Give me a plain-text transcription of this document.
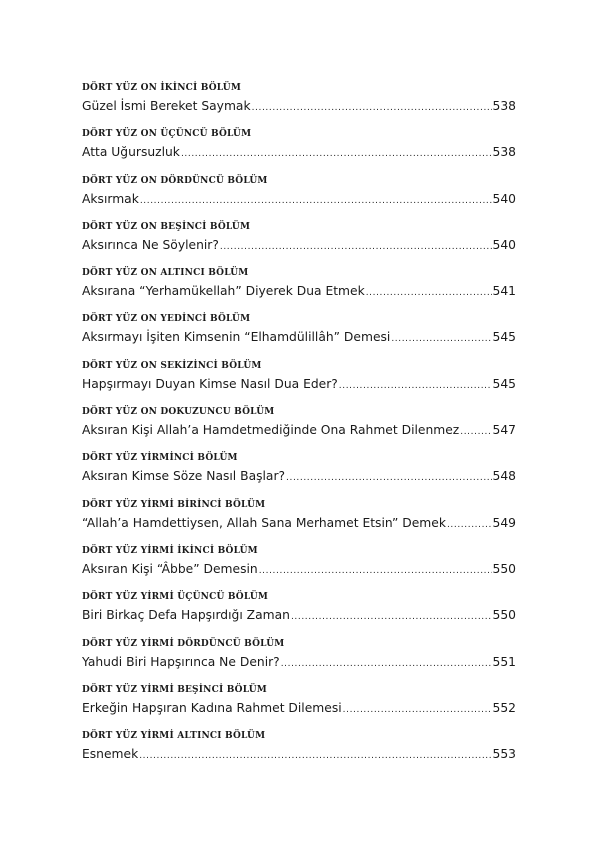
DÖRT YÜZ ON İKİNCİ BÖLÜM
Güzel İsmi Bereket Saymak .....	538
DÖRT YÜZ ON ÜÇÜNCÜ BÖLÜM
Atta Uğursuzluk .....	538
DÖRT YÜZ ON DÖRDÜNCÜ BÖLÜM
Aksırmak .....	540
DÖRT YÜZ ON BEŞİNCİ BÖLÜM
Aksırınca Ne Söylenir? .....	540
DÖRT YÜZ ON ALTINCI BÖLÜM
Aksırana “Yerhamükellah” Diyerek Dua Etmek .....	541
DÖRT YÜZ ON YEDİNCİ BÖLÜM
Aksırmayı İşiten Kimsenin “Elhamdülillâh” Demesi .....	545
DÖRT YÜZ ON SEKİZİNCİ BÖLÜM
Hapşırmayı Duyan Kimse Nasıl Dua Eder? .....	545
DÖRT YÜZ ON DOKUZUNCU BÖLÜM
Aksıran Kişi Allah’a Hamdetmediğinde Ona Rahmet Dilenmez .....	547
DÖRT YÜZ YİRMİNCİ BÖLÜM
Aksıran Kimse Söze Nasıl Başlar? .....	548
DÖRT YÜZ YİRMİ BİRİNCİ BÖLÜM
“Allah’a Hamdettiysen, Allah Sana Merhamet Etsin” Demek .....	549
DÖRT YÜZ YİRMİ İKİNCİ BÖLÜM
Aksıran Kişi “Âbbe” Demesin .....	550
DÖRT YÜZ YİRMİ ÜÇÜNCÜ BÖLÜM
Biri Birkaç Defa Hapşırdığı Zaman .....	550
DÖRT YÜZ YİRMİ DÖRDÜNCÜ BÖLÜM
Yahudi Biri Hapşırınca Ne Denir? .....	551
DÖRT YÜZ YİRMİ BEŞİNCİ BÖLÜM
Erkeğin Hapşıran Kadına Rahmet Dilemesi .....	552
DÖRT YÜZ YİRMİ ALTINCI BÖLÜM
Esnemek .....	553
